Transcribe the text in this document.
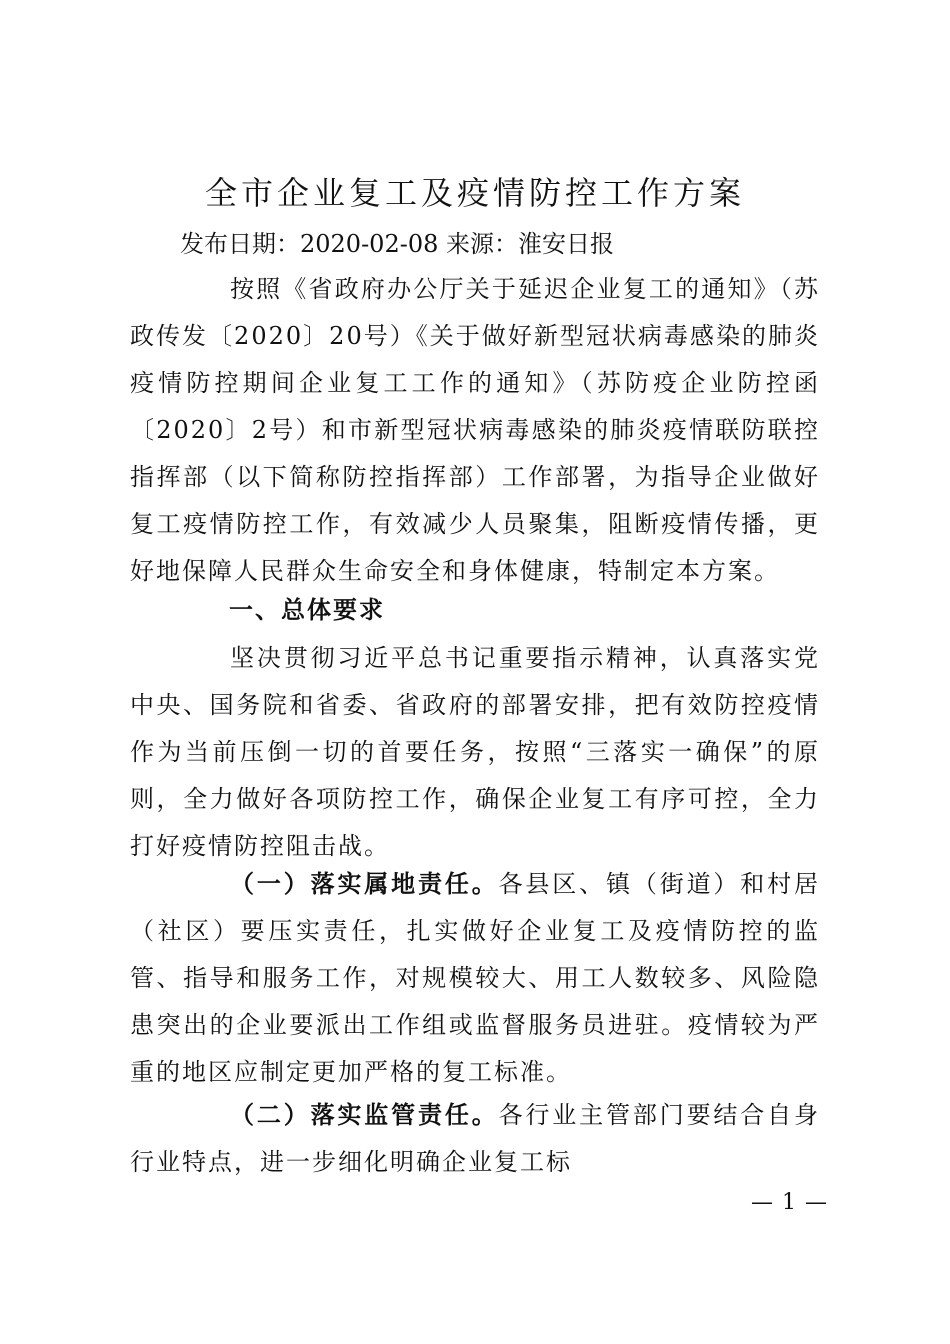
全市企业复工及疫情防控工作方案
发布日期：2020-02-08 来源：淮安日报
按照《省政府办公厅关于延迟企业复工的通知》（苏政传发〔2020〕20号）《关于做好新型冠状病毒感染的肺炎疫情防控期间企业复工工作的通知》（苏防疫企业防控函〔2020〕2号）和市新型冠状病毒感染的肺炎疫情联防联控指挥部（以下简称防控指挥部）工作部署，为指导企业做好复工疫情防控工作，有效减少人员聚集，阻断疫情传播，更好地保障人民群众生命安全和身体健康，特制定本方案。
一、总体要求
坚决贯彻习近平总书记重要指示精神，认真落实党中央、国务院和省委、省政府的部署安排，把有效防控疫情作为当前压倒一切的首要任务，按照“三落实一确保”的原则，全力做好各项防控工作，确保企业复工有序可控，全力打好疫情防控阻击战。
（一）落实属地责任。各县区、镇（街道）和村居（社区）要压实责任，扎实做好企业复工及疫情防控的监管、指导和服务工作，对规模较大、用工人数较多、风险隐患突出的企业要派出工作组或监督服务员进驻。疫情较为严重的地区应制定更加严格的复工标准。
（二）落实监管责任。各行业主管部门要结合自身行业特点，进一步细化明确企业复工标
— 1 —
